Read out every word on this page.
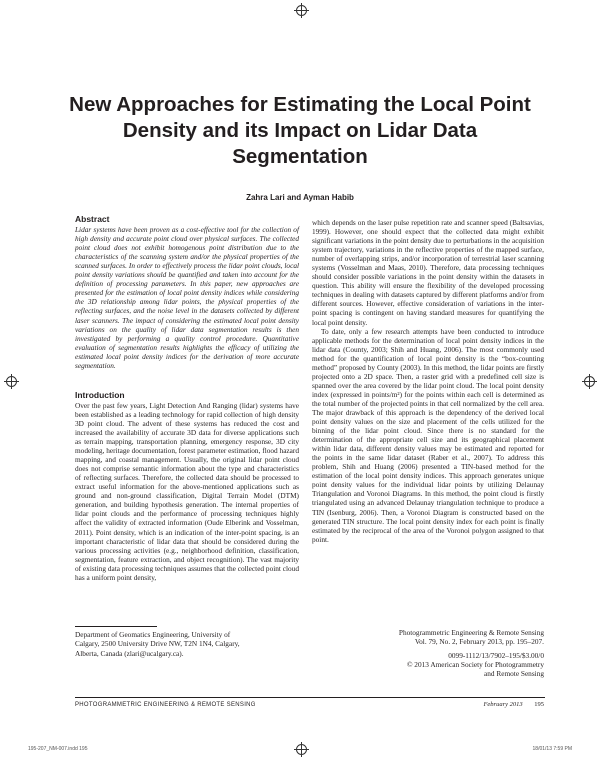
New Approaches for Estimating the Local Point Density and its Impact on Lidar Data Segmentation
Zahra Lari and Ayman Habib
Abstract

Lidar systems have been proven as a cost-effective tool for the collection of high density and accurate point cloud over physical surfaces. The collected point cloud does not exhibit homogenous point distribution due to the characteristics of the scanning system and/or the physical properties of the scanned surfaces. In order to effectively process the lidar point clouds, local point density variations should be quantified and taken into account for the definition of processing parameters. In this paper, new approaches are presented for the estimation of local point density indices while considering the 3D relationship among lidar points, the physical properties of the reflecting surfaces, and the noise level in the datasets collected by different laser scanners. The impact of considering the estimated local point density variations on the quality of lidar data segmentation results is then investigated by performing a quality control procedure. Quantitative evaluation of segmentation results highlights the efficacy of utilizing the estimated local point density indices for the derivation of more accurate segmentation.

Introduction

Over the past few years, Light Detection And Ranging (lidar) systems have been established as a leading technology for rapid collection of high density 3D point cloud. The advent of these systems has reduced the cost and increased the availability of accurate 3D data for diverse applications such as terrain mapping, transportation planning, emergency response, 3D city modeling, heritage documentation, forest parameter estimation, flood hazard mapping, and coastal management. Usually, the original lidar point cloud does not comprise semantic information about the type and characteristics of reflecting surfaces. Therefore, the collected data should be processed to extract useful information for the above-mentioned applications such as ground and non-ground classification, Digital Terrain Model (DTM) generation, and building hypothesis generation. The internal properties of lidar point clouds and the performance of processing techniques highly affect the validity of extracted information (Oude Elberink and Vosselman, 2011). Point density, which is an indication of the inter-point spacing, is an important characteristic of lidar data that should be considered during the various processing activities (e.g., neighborhood definition, classification, segmentation, feature extraction, and object recognition). The vast majority of existing data processing techniques assumes that the collected point cloud has a uniform point density,

which depends on the laser pulse repetition rate and scanner speed (Baltsavias, 1999). However, one should expect that the collected data might exhibit significant variations in the point density due to perturbations in the acquisition system trajectory, variations in the reflective properties of the mapped surface, number of overlapping strips, and/or incorporation of terrestrial laser scanning systems (Vosselman and Maas, 2010). Therefore, data processing techniques should consider possible variations in the point density within the datasets in question. This ability will ensure the flexibility of the developed processing techniques in dealing with datasets captured by different platforms and/or from different sources. However, effective consideration of variations in the inter-point spacing is contingent on having standard measures for quantifying the local point density.

To date, only a few research attempts have been conducted to introduce applicable methods for the determination of local point density indices in the lidar data (County, 2003; Shih and Huang, 2006). The most commonly used method for the quantification of local point density is the “box-counting method” proposed by County (2003). In this method, the lidar points are firstly projected onto a 2D space. Then, a raster grid with a predefined cell size is spanned over the area covered by the lidar point cloud. The local point density index (expressed in points/m²) for the points within each cell is determined as the total number of the projected points in that cell normalized by the cell area. The major drawback of this approach is the dependency of the derived local point density values on the size and placement of the cells utilized for the binning of the lidar point cloud. Since there is no standard for the determination of the appropriate cell size and its geographical placement within lidar data, different density values may be estimated and reported for the points in the same lidar dataset (Raber et al., 2007). To address this problem, Shih and Huang (2006) presented a TIN-based method for the estimation of the local point density indices. This approach generates unique point density values for the individual lidar points by utilizing Delaunay Triangulation and Voronoi Diagrams. In this method, the point cloud is firstly triangulated using an advanced Delaunay triangulation technique to produce a TIN (Isenburg, 2006). Then, a Voronoi Diagram is constructed based on the generated TIN structure. The local point density index for each point is finally estimated by the reciprocal of the area of the Voronoi polygon assigned to that point.

Department of Geomatics Engineering, University of
Calgary, 2500 University Drive NW, T2N 1N4, Calgary,
Alberta, Canada (zlari@ucalgary.ca).
Photogrammetric Engineering & Remote Sensing
Vol. 79, No. 2, February 2013, pp. 195–207.
0099-1112/13/7902–195/$3.00/0
© 2013 American Society for Photogrammetry
and Remote Sensing
PHOTOGRAMMETRIC ENGINEERING & REMOTE SENSING	February 2013 195
195-207_NM-007.indd 195	18/01/13 7:59 PM
